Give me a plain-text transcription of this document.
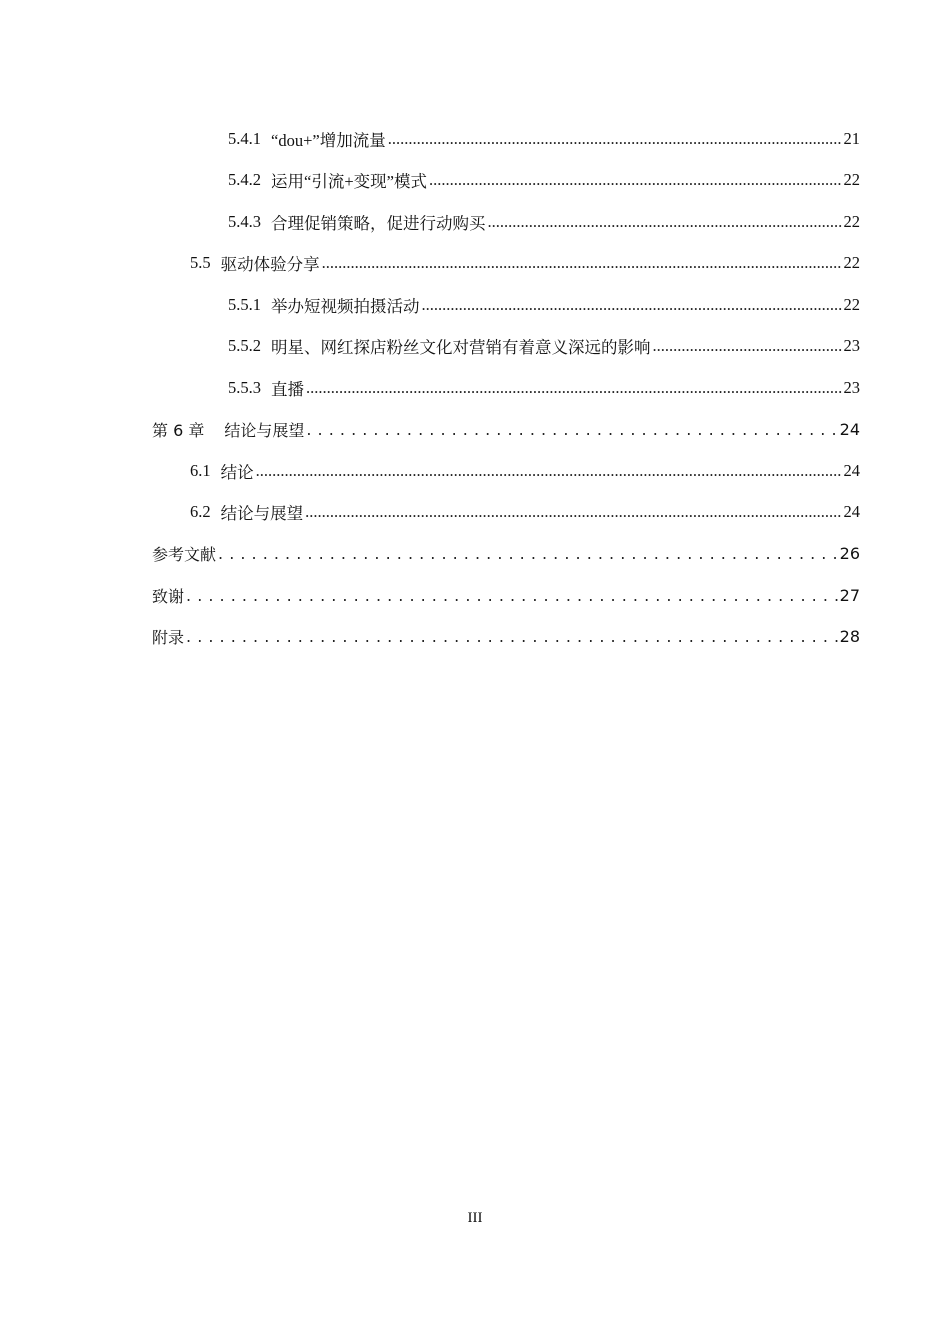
5.4.1 “dou+”增加流量 .....	21
5.4.2 运用“引流+变现”模式 .....	22
5.4.3 合理促销策略，促进行动购买 .....	22
5.5 驱动体验分享 .....	22
5.5.1 举办短视频拍摄活动 .....	22
5.5.2 明星、网红探店粉丝文化对营销有着意义深远的影响 .....	23
5.5.3 直播 .....	23
第 6 章 结论与展望 . . .	24
6.1 结论 .....	24
6.2 结论与展望 .....	24
参考文献 . . .	26
致谢 . . .	27
附录 . . .	28
III
